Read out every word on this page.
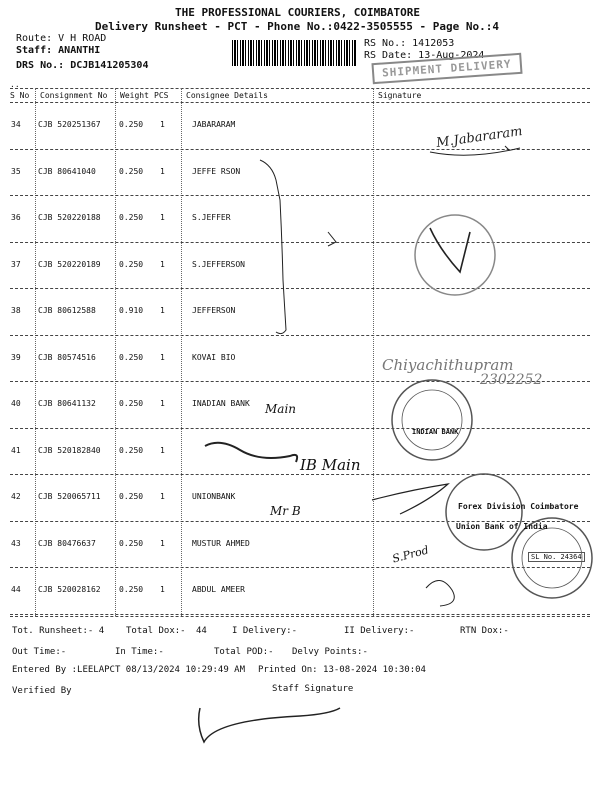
THE PROFESSIONAL COURIERS, COIMBATORE
Delivery Runsheet - PCT - Phone No.:0422-3505555 - Page No.:4
Route: V H ROAD
Staff: ANANTHI
DRS No.: DCJB141205304
RS No.: 1412053
RS Date: 13-Aug-2024
SHIPMENT DELIVERY
..
S No Consignment No Weight PCS Consignee Details	Signature
34 CJB 520251367 0.250 1	JABARARAM
35 CJB 80641040	0.250 1	JEFFE RSON
36 CJB 520220188 0.250 1	S.JEFFER
37 CJB 520220189 0.250 1	S.JEFFERSON
38 CJB 80612588	0.910 1	JEFFERSON
39 CJB 80574516	0.250 1	KOVAI BIO
40 CJB 80641132	0.250 1	INADIAN BANK
41 CJB 520182840 0.250 1
42 CJB 520065711 0.250 1	UNIONBANK
43 CJB 80476637	0.250 1	MUSTUR AHMED
44 CJB 520028162 0.250 1	ABDUL AMEER
M.Jabararam
Chiyachithupram
2302252
Main
IB Main
Mr B
S.Prod
INDIAN BANK
Forex Division Coimbatore
Union Bank of India
SL No. 24364
Tot. Runsheet:- 4 Total Dox:- 44	I Delivery:-	II Delivery:-	RTN Dox:-
Out Time:-	In Time:-	Total POD:- Delvy Points:-
Entered By :LEELAPCT 08/13/2024 10:29:49 AM Printed On: 13-08-2024 10:30:04
Verified By	Staff Signature
